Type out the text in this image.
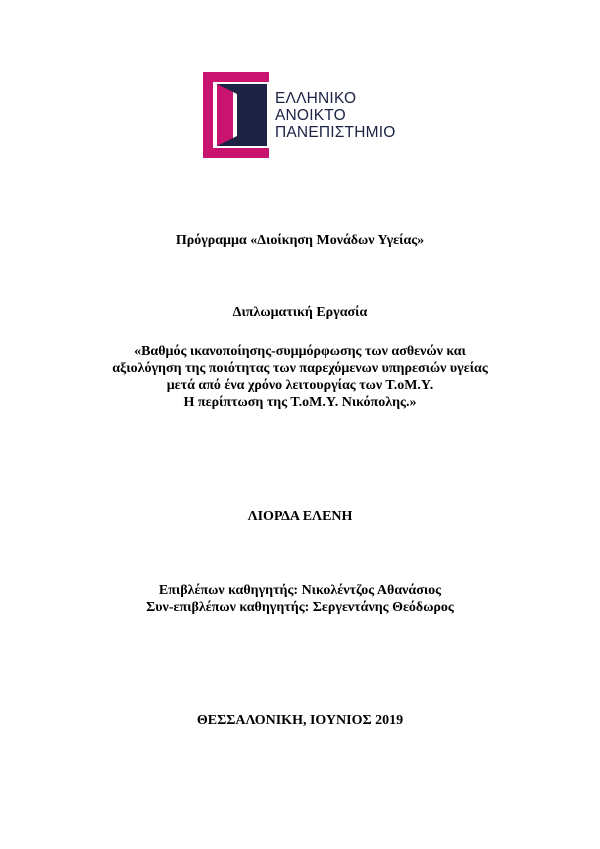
ΕΛΛΗΝΙΚΟ
ΑΝΟΙΚΤΟ
ΠΑΝΕΠΙΣΤΗΜΙΟ
Πρόγραμμα «Διοίκηση Μονάδων Υγείας»
Διπλωματική Εργασία
«Βαθμός ικανοποίησης-συμμόρφωσης των ασθενών και
αξιολόγηση της ποιότητας των παρεχόμενων υπηρεσιών υγείας
μετά από ένα χρόνο λειτουργίας των Τ.οΜ.Υ.
Η περίπτωση της Τ.οΜ.Υ. Νικόπολης.»
ΛΙΟΡΔΑ ΕΛΕΝΗ
Επιβλέπων καθηγητής: Νικολέντζος Αθανάσιος
Συν-επιβλέπων καθηγητής: Σεργεντάνης Θεόδωρος
ΘΕΣΣΑΛΟΝΙΚΗ, ΙΟΥΝΙΟΣ 2019
